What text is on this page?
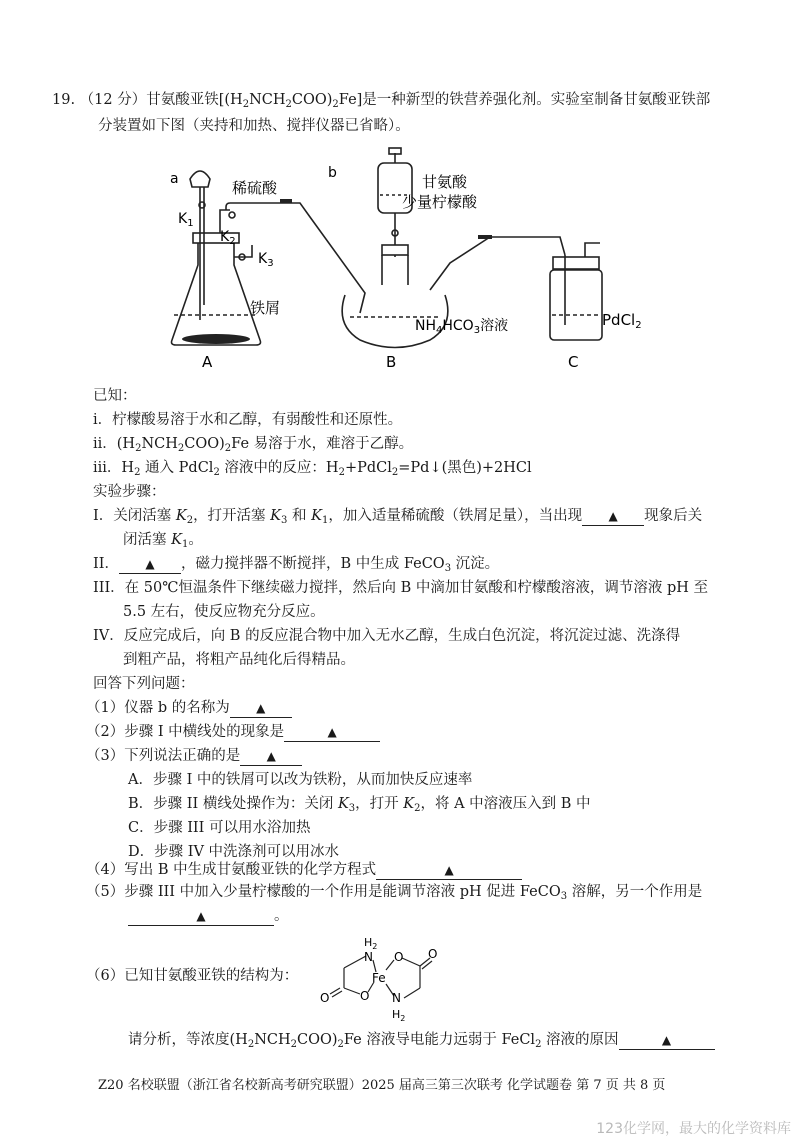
19. （12 分）甘氨酸亚铁$[(H_2NCH_2COO)_2Fe]$是一种新型的铁营养强化剂。实验室制备甘氨酸亚铁部
分装置如下图（夹持和加热、搅拌仪器已省略）。
a	稀硫酸
$K_1$
$K_2$
$K_3$
铁屑
b	甘氨酸
少量柠檬酸
$NH_4HCO_3$溶液	PdCl$_2$
A	B	C
已知：
i．柠檬酸易溶于水和乙醇，有弱酸性和还原性。
ii．$(H_2NCH_2COO)_2Fe$ 易溶于水，难溶于乙醇。
iii．$H_2$ 通入 PdCl$_2$ 溶液中的反应：$H_2+PdCl_2=Pd↓$(黑色)+2HCl
实验步骤：
I．关闭活塞 $K_2$，打开活塞 $K_3$ 和 $K_1$，加入适量稀硫酸（铁屑足量），当出现 ▲ 现象后关
闭活塞 $K_1$。
II． ▲ ，磁力搅拌器不断搅拌，B 中生成 FeCO$_3$ 沉淀。
III．在 50℃恒温条件下继续磁力搅拌，然后向 B 中滴加甘氨酸和柠檬酸溶液，调节溶液 pH 至
5.5 左右，使反应物充分反应。
IV．反应完成后，向 B 的反应混合物中加入无水乙醇，生成白色沉淀，将沉淀过滤、洗涤得
到粗产品，将粗产品纯化后得精品。
回答下列问题：
（1）仪器 b 的名称为 ▲
（2）步骤 I 中横线处的现象是	▲
（3）下列说法正确的是 ▲
A．步骤 I 中的铁屑可以改为铁粉，从而加快反应速率
B．步骤 II 横线处操作为：关闭 $K_3$，打开 $K_2$，将 A 中溶液压入到 B 中
C．步骤 III 可以用水浴加热
D．步骤 IV 中洗涤剂可以用冰水
（4）写出 B 中生成甘氨酸亚铁的化学方程式	▲
（5）步骤 III 中加入少量柠檬酸的一个作用是能调节溶液 pH 促进 FeCO$_3$ 溶解，另一个作用是
▲	。
（6）已知甘氨酸亚铁的结构为：
$H_2$
N O O
Fe
O	O N
$H_2$
请分析，等浓度$(H_2NCH_2COO)_2Fe$ 溶液导电能力远弱于 FeCl$_2$ 溶液的原因	▲
Z20 名校联盟（浙江省名校新高考研究联盟）2025 届高三第三次联考 化学试题卷 第 7 页 共 8 页
123化学网，最大的化学资料库
